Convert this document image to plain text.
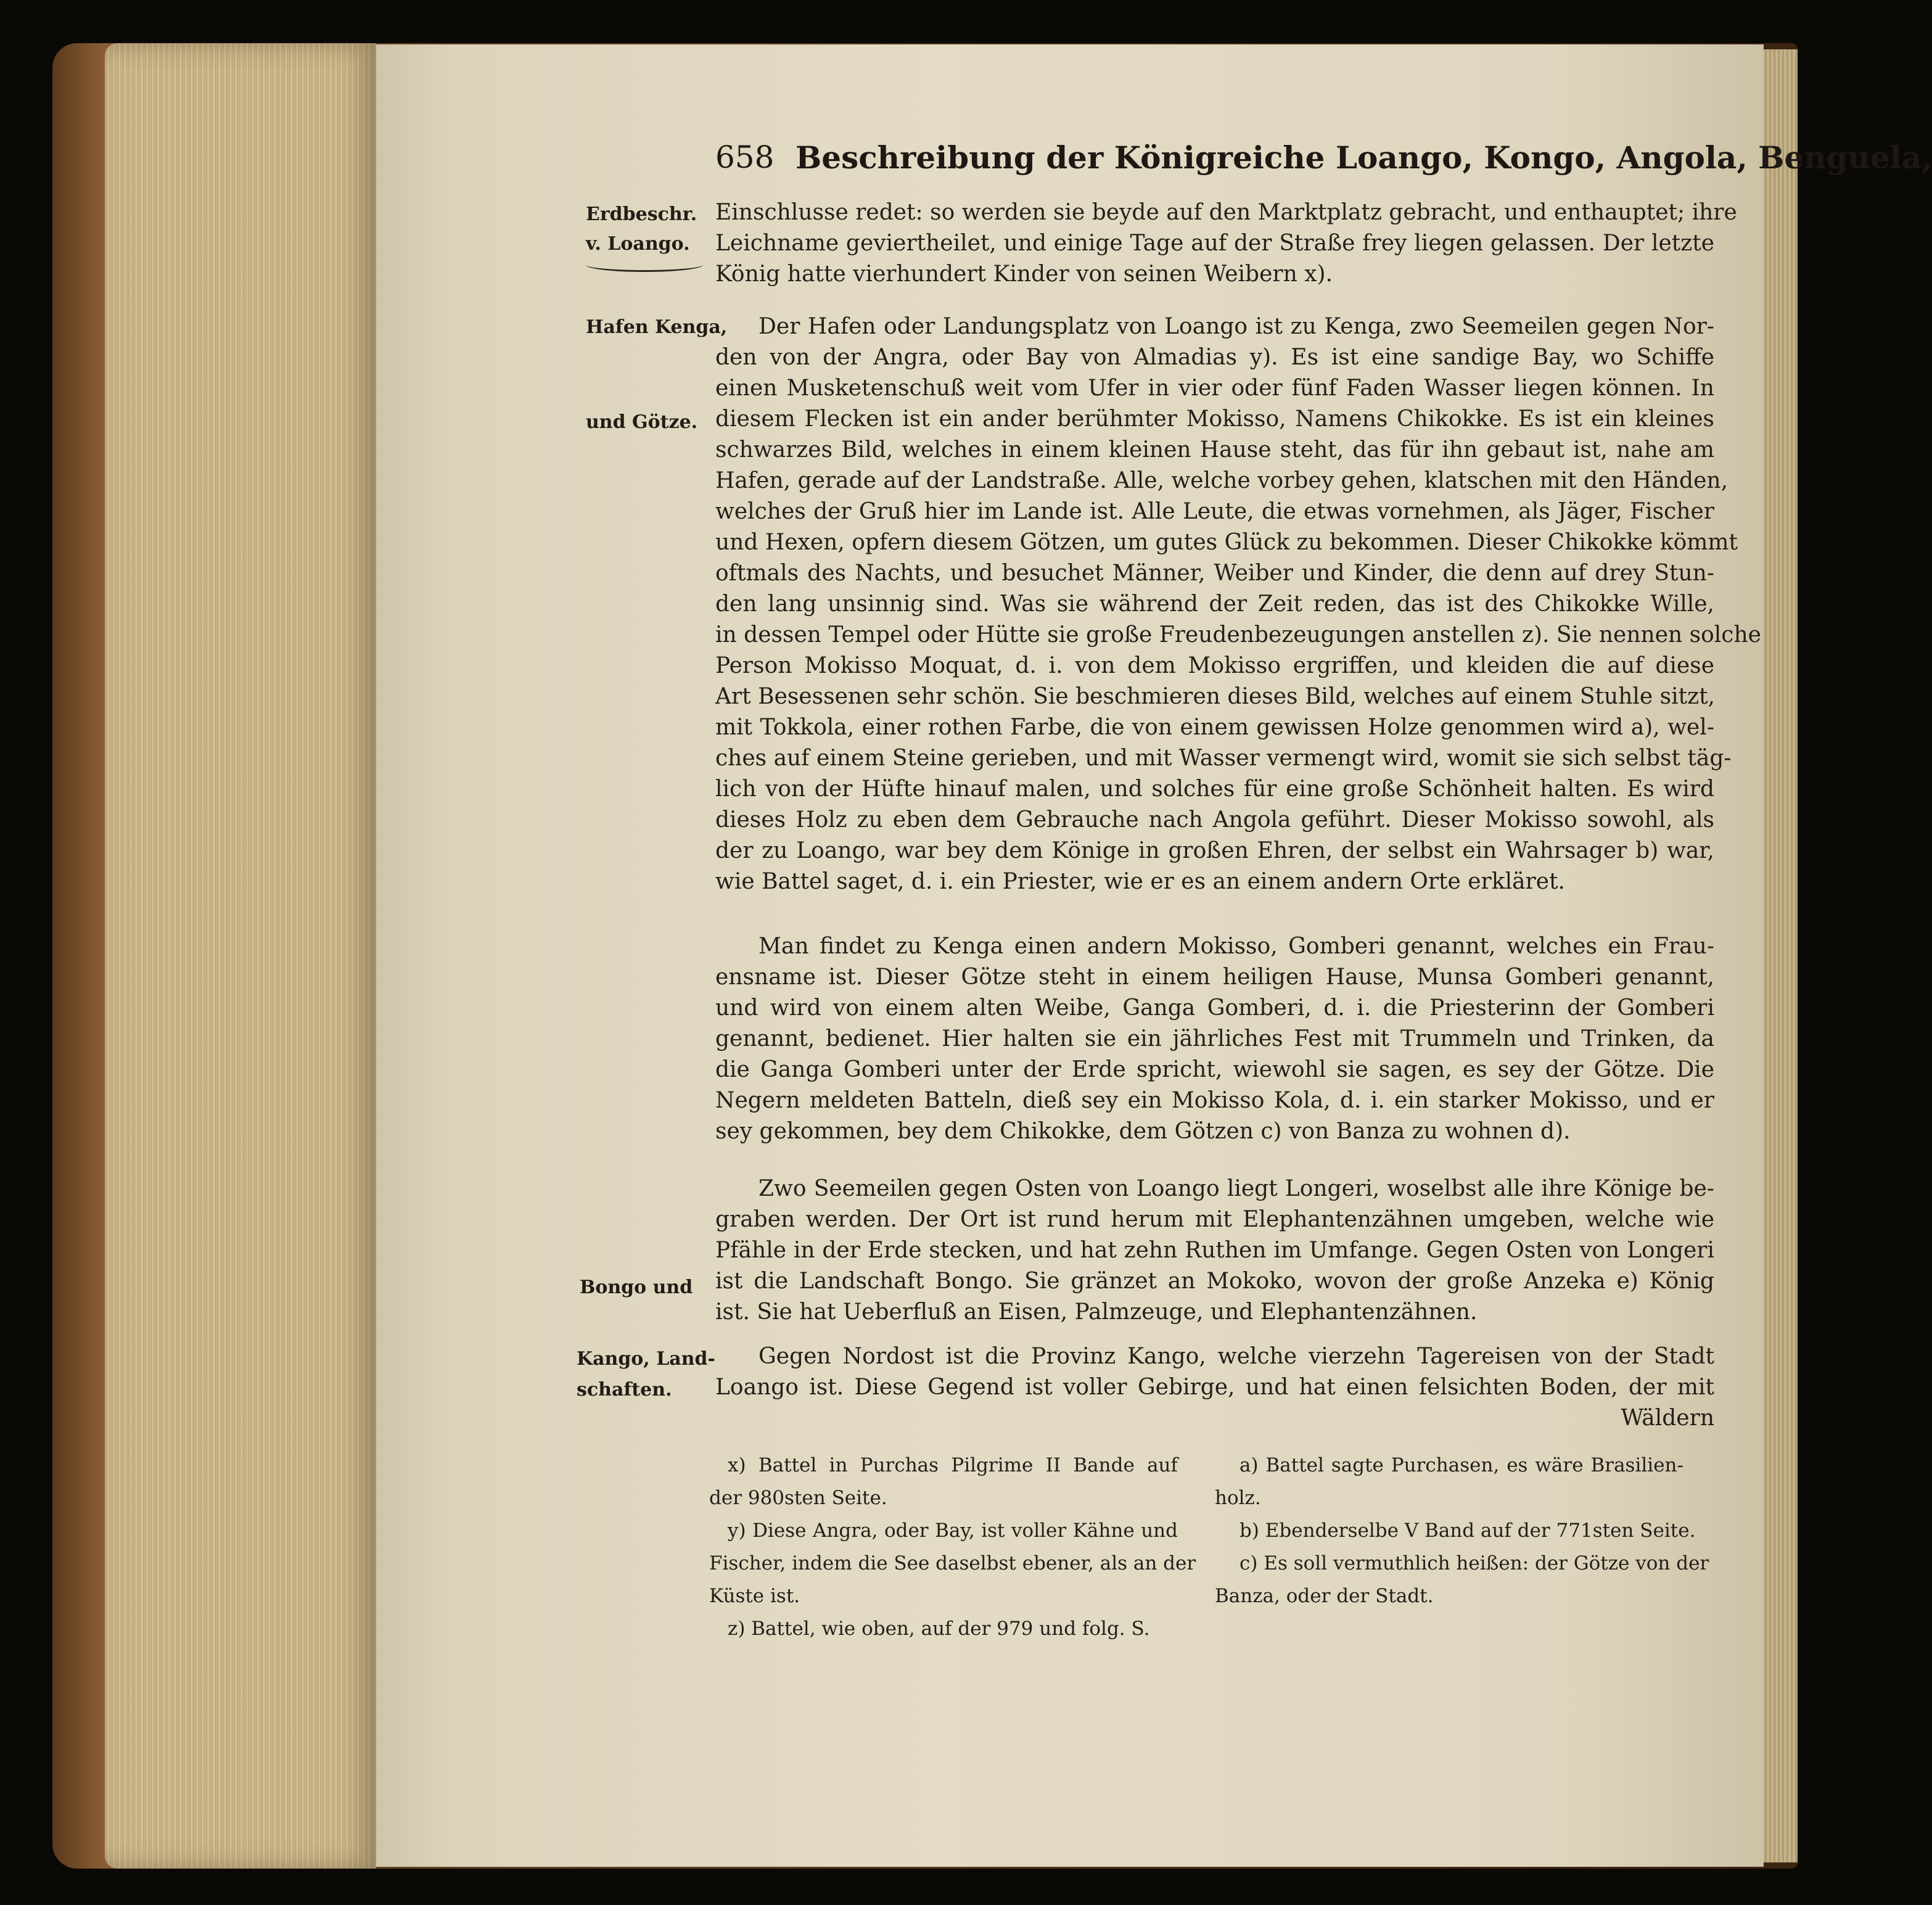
658 Beschreibung der Königreiche Loango, Kongo, Angola, Benguela,
Erdbeschr.
v. Loango.
Hafen Kenga,
und Götze.
Bongo und
Kango, Land-
schaften.
Einschlusse redet: so werden sie beyde auf den Marktplatz gebracht, und enthauptet; ihre
Leichname geviertheilet, und einige Tage auf der Straße frey liegen gelassen. Der letzte
König hatte vierhundert Kinder von seinen Weibern x).
Der Hafen oder Landungsplatz von Loango ist zu Kenga, zwo Seemeilen gegen Nor-
den von der Angra, oder Bay von Almadias y). Es ist eine sandige Bay, wo Schiffe
einen Musketenschuß weit vom Ufer in vier oder fünf Faden Wasser liegen können. In
diesem Flecken ist ein ander berühmter Mokisso, Namens Chikokke. Es ist ein kleines
schwarzes Bild, welches in einem kleinen Hause steht, das für ihn gebaut ist, nahe am
Hafen, gerade auf der Landstraße. Alle, welche vorbey gehen, klatschen mit den Händen,
welches der Gruß hier im Lande ist. Alle Leute, die etwas vornehmen, als Jäger, Fischer
und Hexen, opfern diesem Götzen, um gutes Glück zu bekommen. Dieser Chikokke kömmt
oftmals des Nachts, und besuchet Männer, Weiber und Kinder, die denn auf drey Stun-
den lang unsinnig sind. Was sie während der Zeit reden, das ist des Chikokke Wille,
in dessen Tempel oder Hütte sie große Freudenbezeugungen anstellen z). Sie nennen solche
Person Mokisso Moquat, d. i. von dem Mokisso ergriffen, und kleiden die auf diese
Art Besessenen sehr schön. Sie beschmieren dieses Bild, welches auf einem Stuhle sitzt,
mit Tokkola, einer rothen Farbe, die von einem gewissen Holze genommen wird a), wel-
ches auf einem Steine gerieben, und mit Wasser vermengt wird, womit sie sich selbst täg-
lich von der Hüfte hinauf malen, und solches für eine große Schönheit halten. Es wird
dieses Holz zu eben dem Gebrauche nach Angola geführt. Dieser Mokisso sowohl, als
der zu Loango, war bey dem Könige in großen Ehren, der selbst ein Wahrsager b) war,
wie Battel saget, d. i. ein Priester, wie er es an einem andern Orte erkläret.
Man findet zu Kenga einen andern Mokisso, Gomberi genannt, welches ein Frau-
ensname ist. Dieser Götze steht in einem heiligen Hause, Munsa Gomberi genannt,
und wird von einem alten Weibe, Ganga Gomberi, d. i. die Priesterinn der Gomberi
genannt, bedienet. Hier halten sie ein jährliches Fest mit Trummeln und Trinken, da
die Ganga Gomberi unter der Erde spricht, wiewohl sie sagen, es sey der Götze. Die
Negern meldeten Batteln, dieß sey ein Mokisso Kola, d. i. ein starker Mokisso, und er
sey gekommen, bey dem Chikokke, dem Götzen c) von Banza zu wohnen d).
Zwo Seemeilen gegen Osten von Loango liegt Longeri, woselbst alle ihre Könige be-
graben werden. Der Ort ist rund herum mit Elephantenzähnen umgeben, welche wie
Pfähle in der Erde stecken, und hat zehn Ruthen im Umfange. Gegen Osten von Longeri
ist die Landschaft Bongo. Sie gränzet an Mokoko, wovon der große Anzeka e) König
ist. Sie hat Ueberfluß an Eisen, Palmzeuge, und Elephantenzähnen.
Gegen Nordost ist die Provinz Kango, welche vierzehn Tagereisen von der Stadt
Loango ist. Diese Gegend ist voller Gebirge, und hat einen felsichten Boden, der mit
Wäldern
x) Battel in Purchas Pilgrime II Bande auf
der 980sten Seite.
y) Diese Angra, oder Bay, ist voller Kähne und
Fischer, indem die See daselbst ebener, als an der
Küste ist.
z) Battel, wie oben, auf der 979 und folg. S.
a) Battel sagte Purchasen, es wäre Brasilien-
holz.
b) Ebenderselbe V Band auf der 771sten Seite.
c) Es soll vermuthlich heißen: der Götze von der
Banza, oder der Stadt.
